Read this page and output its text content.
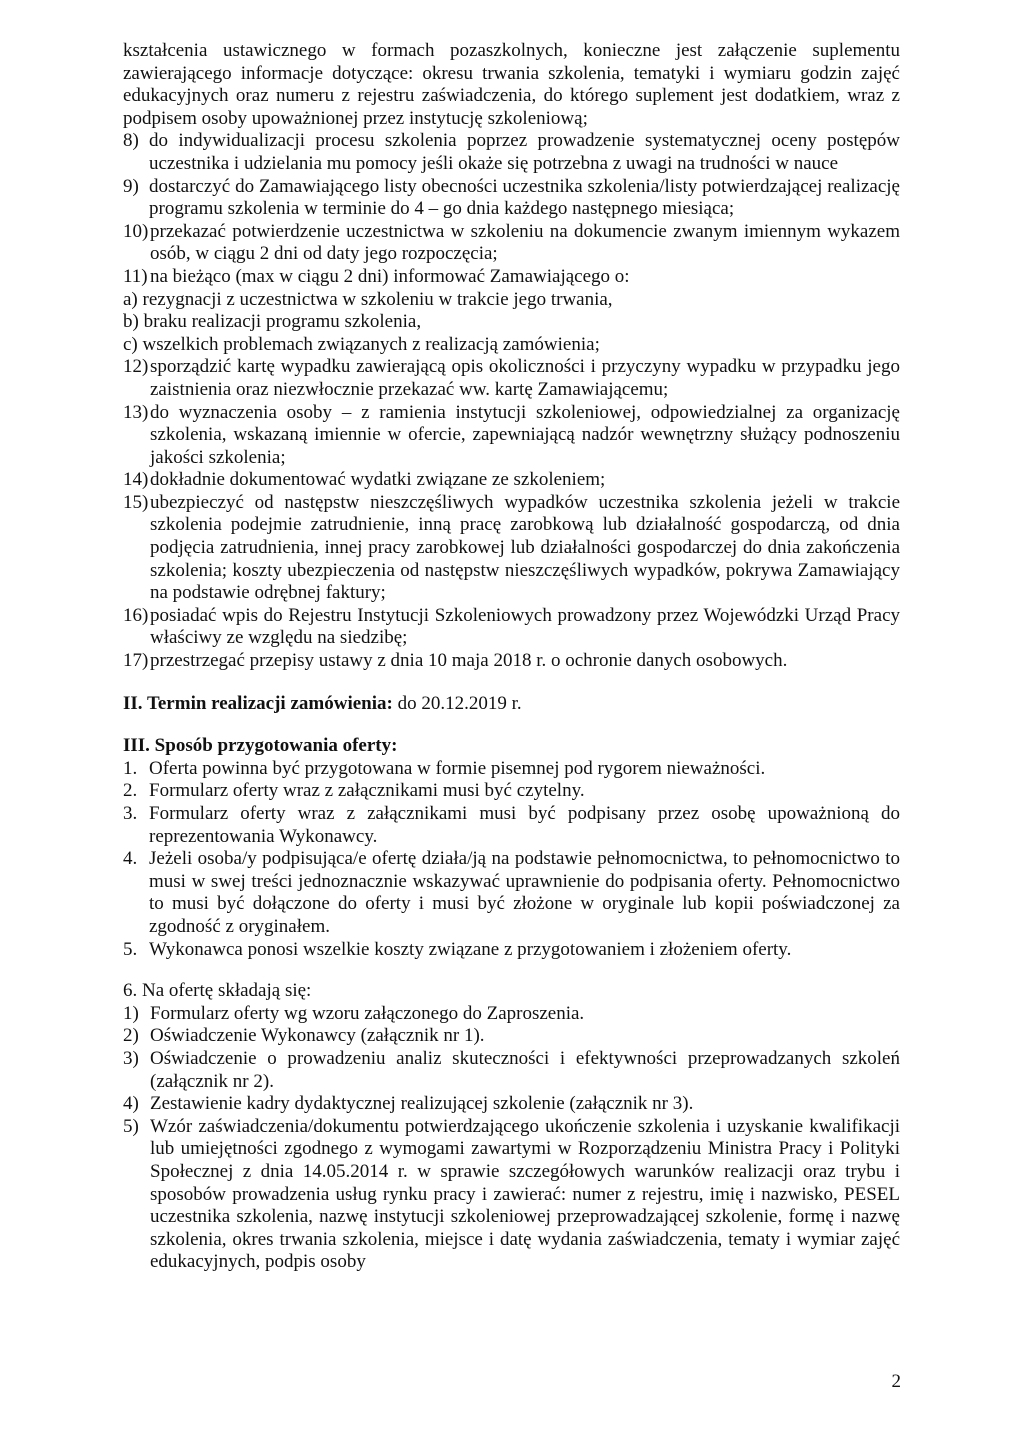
kształcenia ustawicznego w formach pozaszkolnych, konieczne jest załączenie suplementu zawierającego informacje dotyczące: okresu trwania szkolenia, tematyki i wymiaru godzin zajęć edukacyjnych oraz numeru z rejestru zaświadczenia, do którego suplement jest dodatkiem, wraz z podpisem osoby upoważnionej przez instytucję szkoleniową;

8) do indywidualizacji procesu szkolenia poprzez prowadzenie systematycznej oceny postępów uczestnika i udzielania mu pomocy jeśli okaże się potrzebna z uwagi na trudności w nauce
9) dostarczyć do Zamawiającego listy obecności uczestnika szkolenia/listy potwierdzającej realizację programu szkolenia w terminie do 4 – go dnia każdego następnego miesiąca;
10) przekazać potwierdzenie uczestnictwa w szkoleniu na dokumencie zwanym imiennym wykazem osób, w ciągu 2 dni od daty jego rozpoczęcia;
11) na bieżąco (max w ciągu 2 dni) informować Zamawiającego o:

a) rezygnacji z uczestnictwa w szkoleniu w trakcie jego trwania,

b) braku realizacji programu szkolenia,

c) wszelkich problemach związanych z realizacją zamówienia;

12) sporządzić kartę wypadku zawierającą opis okoliczności i przyczyny wypadku w przypadku jego zaistnienia oraz niezwłocznie przekazać ww. kartę Zamawiającemu;
13) do wyznaczenia osoby – z ramienia instytucji szkoleniowej, odpowiedzialnej za organizację szkolenia, wskazaną imiennie w ofercie, zapewniającą nadzór wewnętrzny służący podnoszeniu jakości szkolenia;
14) dokładnie dokumentować wydatki związane ze szkoleniem;
15) ubezpieczyć od następstw nieszczęśliwych wypadków uczestnika szkolenia jeżeli w trakcie szkolenia podejmie zatrudnienie, inną pracę zarobkową lub działalność gospodarczą, od dnia podjęcia zatrudnienia, innej pracy zarobkowej lub działalności gospodarczej do dnia zakończenia szkolenia; koszty ubezpieczenia od następstw nieszczęśliwych wypadków, pokrywa Zamawiający na podstawie odrębnej faktury;
16) posiadać wpis do Rejestru Instytucji Szkoleniowych prowadzony przez Wojewódzki Urząd Pracy właściwy ze względu na siedzibę;
17) przestrzegać przepisy ustawy z dnia 10 maja 2018 r. o ochronie danych osobowych.

II. Termin realizacji zamówienia: do 20.12.2019 r.

III. Sposób przygotowania oferty:

1. Oferta powinna być przygotowana w formie pisemnej pod rygorem nieważności.
2. Formularz oferty wraz z załącznikami musi być czytelny.
3. Formularz oferty wraz z załącznikami musi być podpisany przez osobę upoważnioną do reprezentowania Wykonawcy.
4. Jeżeli osoba/y podpisująca/e ofertę działa/ją na podstawie pełnomocnictwa, to pełnomocnictwo to musi w swej treści jednoznacznie wskazywać uprawnienie do podpisania oferty. Pełnomocnictwo to musi być dołączone do oferty i musi być złożone w oryginale lub kopii poświadczonej za zgodność z oryginałem.
5. Wykonawca ponosi wszelkie koszty związane z przygotowaniem i złożeniem oferty.

6. Na ofertę składają się:

1) Formularz oferty wg wzoru załączonego do Zaproszenia.
2) Oświadczenie Wykonawcy (załącznik nr 1).
3) Oświadczenie o prowadzeniu analiz skuteczności i efektywności przeprowadzanych szkoleń (załącznik nr 2).
4) Zestawienie kadry dydaktycznej realizującej szkolenie (załącznik nr 3).
5) Wzór zaświadczenia/dokumentu potwierdzającego ukończenie szkolenia i uzyskanie kwalifikacji lub umiejętności zgodnego z wymogami zawartymi w Rozporządzeniu Ministra Pracy i Polityki Społecznej z dnia 14.05.2014 r. w sprawie szczegółowych warunków realizacji oraz trybu i sposobów prowadzenia usług rynku pracy i zawierać: numer z rejestru, imię i nazwisko, PESEL uczestnika szkolenia, nazwę instytucji szkoleniowej przeprowadzającej szkolenie, formę i nazwę szkolenia, okres trwania szkolenia, miejsce i datę wydania zaświadczenia, tematy i wymiar zajęć edukacyjnych, podpis osoby
2
